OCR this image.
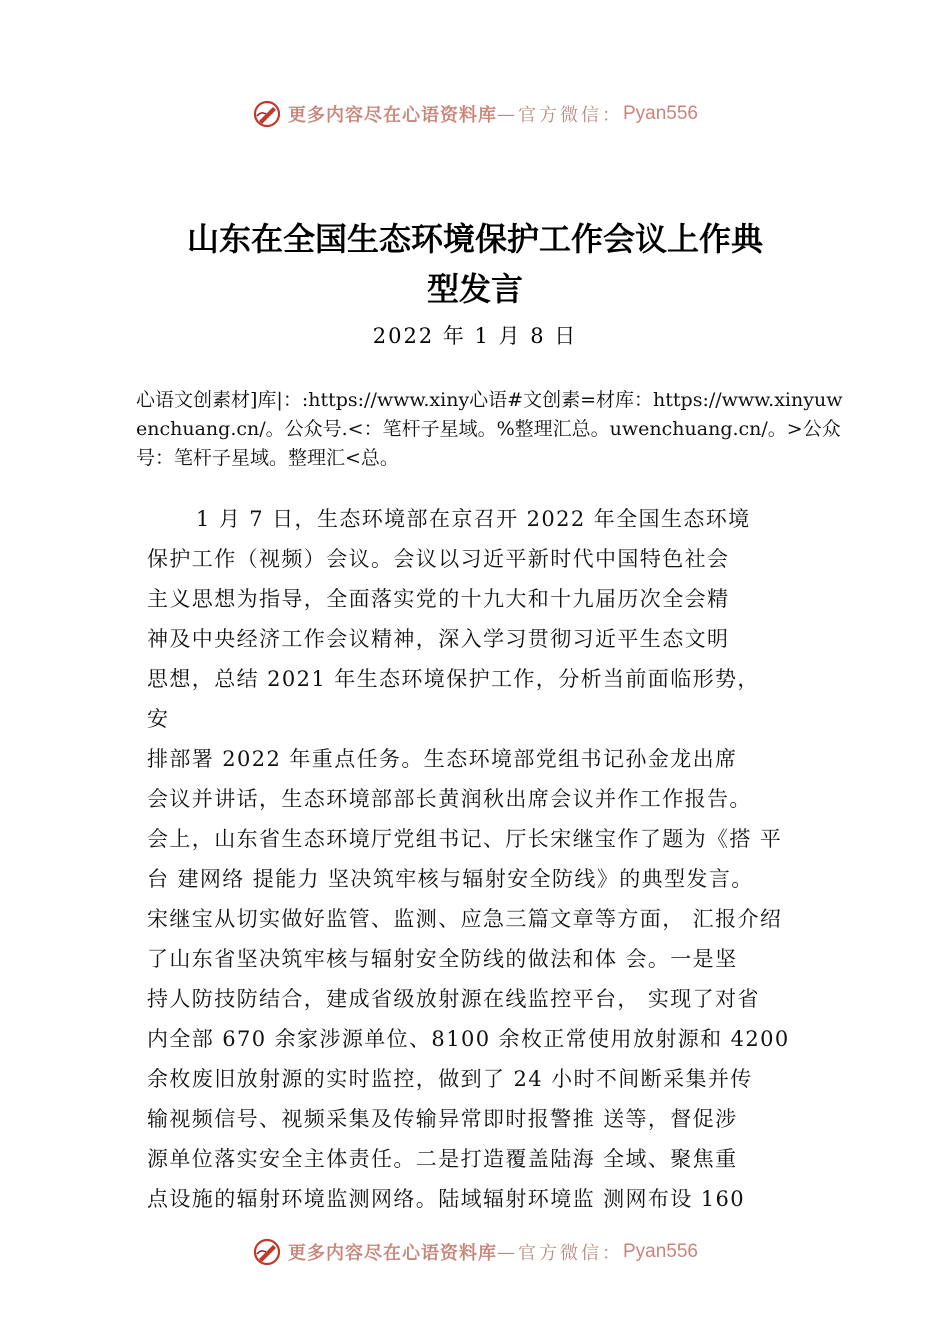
更多内容尽在心语资料库 — 官方微信： Pyan556
山东在全国生态环境保护工作会议上作典
型发言
2022 年 1 月 8 日
心语文创素材]库|：:https://www.xiny心语#文创素=材库：https://www.xinyuwenchuang.cn/。公众号.<：笔杆子星域。%整理汇总。uwenchuang.cn/。>公众号：笔杆子星域。整理汇<总。
1 月 7 日，生态环境部在京召开 2022 年全国生态环境
保护工作（视频）会议。会议以习近平新时代中国特色社会
主义思想为指导，全面落实党的十九大和十九届历次全会精
神及中央经济工作会议精神，深入学习贯彻习近平生态文明
思想，总结 2021 年生态环境保护工作，分析当前面临形势，
安
排部署 2022 年重点任务。生态环境部党组书记孙金龙出席
会议并讲话，生态环境部部长黄润秋出席会议并作工作报告。
会上，山东省生态环境厅党组书记、厅长宋继宝作了题为《搭 平
台 建网络 提能力 坚决筑牢核与辐射安全防线》的典型发言。
宋继宝从切实做好监管、监测、应急三篇文章等方面， 汇报介绍
了山东省坚决筑牢核与辐射安全防线的做法和体 会。一是坚
持人防技防结合，建成省级放射源在线监控平台， 实现了对省
内全部 670 余家涉源单位、8100 余枚正常使用放射源和 4200
余枚废旧放射源的实时监控，做到了 24 小时不间断采集并传
输视频信号、视频采集及传输异常即时报警推 送等，督促涉
源单位落实安全主体责任。二是打造覆盖陆海 全域、聚焦重
点设施的辐射环境监测网络。陆域辐射环境监 测网布设 160
更多内容尽在心语资料库 — 官方微信： Pyan556
